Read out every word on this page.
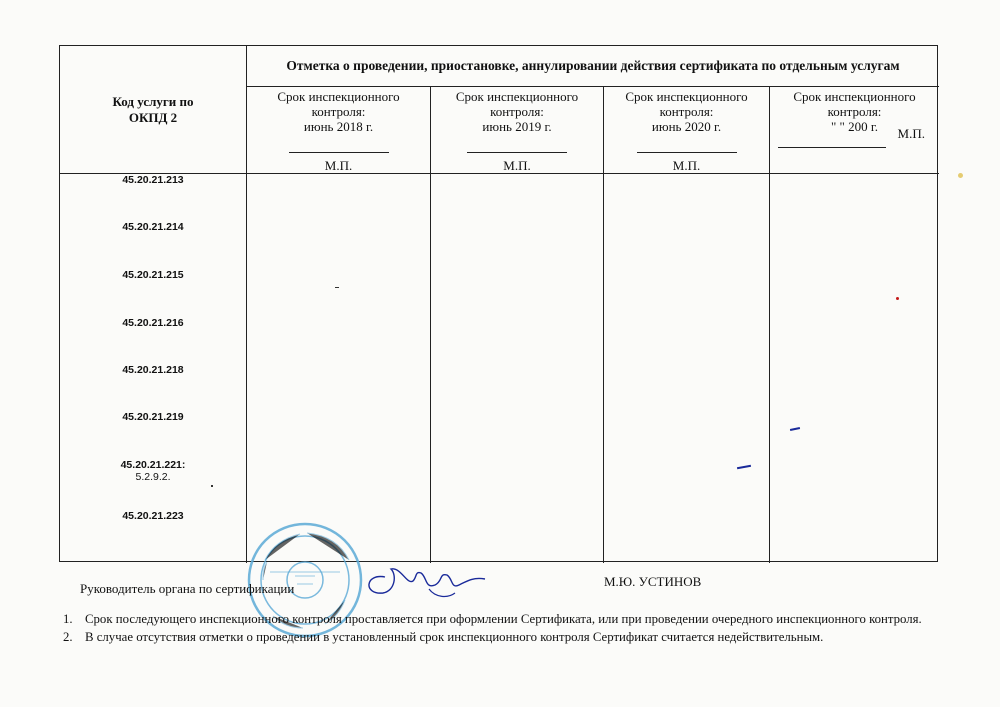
Код услуги по
ОКПД 2
Отметка о проведении, приостановке, аннулировании действия сертификата по отдельным услугам
Срок инспекционного
контроля:
июнь 2018 г.
М.П.
Срок инспекционного
контроля:
июнь 2019 г.
М.П.
Срок инспекционного
контроля:
июнь 2020 г.
М.П.
Срок инспекционного
контроля:
" " 200 г.	М.П.
45.20.21.213
45.20.21.214
45.20.21.215
45.20.21.216
45.20.21.218
45.20.21.219
45.20.21.221:
5.2.9.2.
45.20.21.223
Руководитель органа по сертификации	М.Ю. УСТИНОВ
1. Срок последующего инспекционного контроля проставляется при оформлении Сертификата, или при проведении очередного инспекционного контроля.
2. В случае отсутствия отметки о проведении в установленный срок инспекционного контроля Сертификат считается недействительным.
